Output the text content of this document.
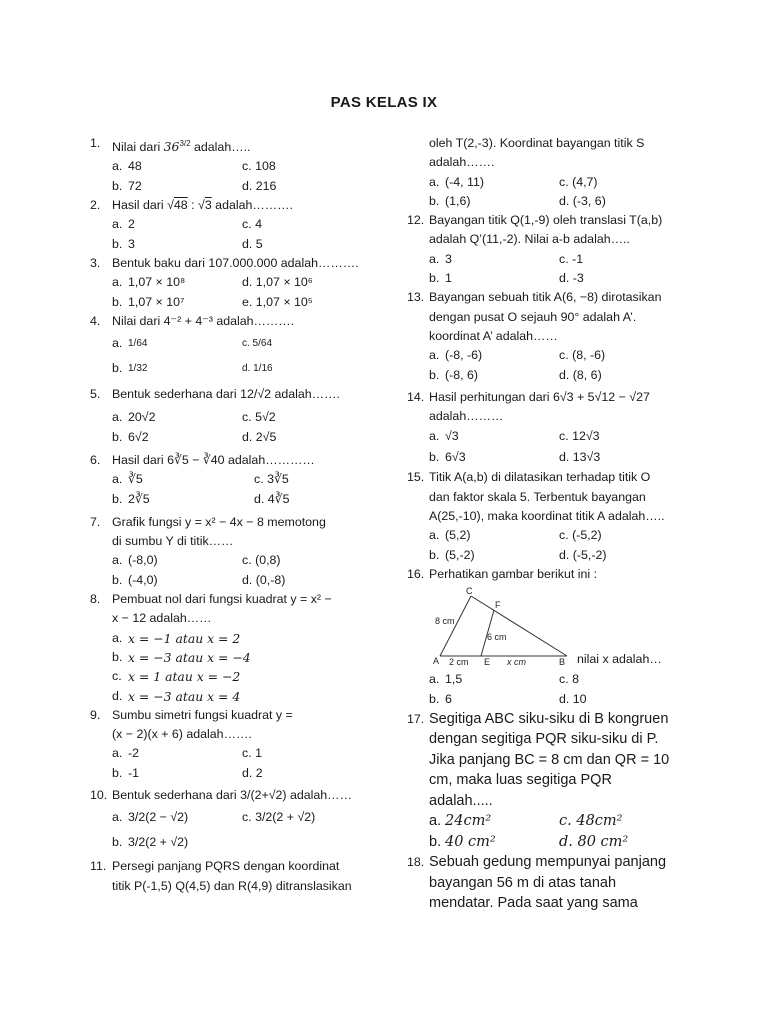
PAS KELAS IX
1. Nilai dari $36^{3/2}$ adalah…..
a. 48	c. 108
b. 72	d. 216
2. Hasil dari √48 : √3 adalah……….
a. 2	c. 4
b. 3	d. 5
3. Bentuk baku dari 107.000.000 adalah……….
a. 1,07 × 10⁸	d. 1,07 × 10⁶
b. 1,07 × 10⁷	e. 1,07 × 10⁵
4. Nilai dari 4⁻² + 4⁻³ adalah……….
a. 1/64	c. 5/64
b. 1/32	d. 1/16
5. Bentuk sederhana dari 12/√2 adalah…….
a. 20√2	c. 5√2
b. 6√2	d. 2√5
6. Hasil dari 6∛5 − ∛40 adalah…………
a. ∛5	c. 3∛5
b. 2∛5	d. 4∛5
7. Grafik fungsi y = x² − 4x − 8 memotong
di sumbu Y di titik……
a. (-8,0)	c. (0,8)
b. (-4,0)	d. (0,-8)
8. Pembuat nol dari fungsi kuadrat y = x² −
x − 12 adalah……
a. x = −1 atau x = 2
b. x = −3 atau x = −4
c. x = 1 atau x = −2
d. x = −3 atau x = 4
9. Sumbu simetri fungsi kuadrat y =
(x − 2)(x + 6) adalah…….
a. -2	c. 1
b. -1	d. 2
10. Bentuk sederhana dari 3/(2+√2) adalah……
a. 3/2(2 − √2)	c. 3/2(2 + √2)
b. 3/2(2 + √2)
11. Persegi panjang PQRS dengan koordinat
titik P(-1,5) Q(4,5) dan R(4,9) ditranslasikan
oleh T(2,-3). Koordinat bayangan titik S
adalah…….
a. (-4, 11)	c. (4,7)
b. (1,6)	d. (-3, 6)
12. Bayangan titik Q(1,-9) oleh translasi T(a,b)
adalah Q’(11,-2). Nilai a-b adalah…..
a. 3	c. -1
b. 1	d. -3
13. Bayangan sebuah titik A(6, −8) dirotasikan
dengan pusat O sejauh 90° adalah A’.
koordinat A’ adalah……
a. (-8, -6)	c. (8, -6)
b. (-8, 6)	d. (8, 6)
14. Hasil perhitungan dari 6√3 + 5√12 − √27
adalah………
a. √3	c. 12√3
b. 6√3	d. 13√3
15. Titik A(a,b) di dilatasikan terhadap titik O
dan faktor skala 5. Terbentuk bayangan
A(25,-10), maka koordinat titik A adalah…..
a. (5,2)	c. (-5,2)
b. (5,-2)	d. (-5,-2)
16. Perhatikan gambar berikut ini :
C
F
A	E	B
8 cm
6 cm
2 cm	x cm	nilai x adalah…
a. 1,5	c. 8
b. 6	d. 10
17. Segitiga ABC siku-siku di B kongruen
dengan segitiga PQR siku-siku di P.
Jika panjang BC = 8 cm dan QR = 10
cm, maka luas segitiga PQR
adalah.....
a. 24cm²	c. 48cm²
b. 40 cm²	d. 80 cm²
18. Sebuah gedung mempunyai panjang
bayangan 56 m di atas tanah
mendatar. Pada saat yang sama
